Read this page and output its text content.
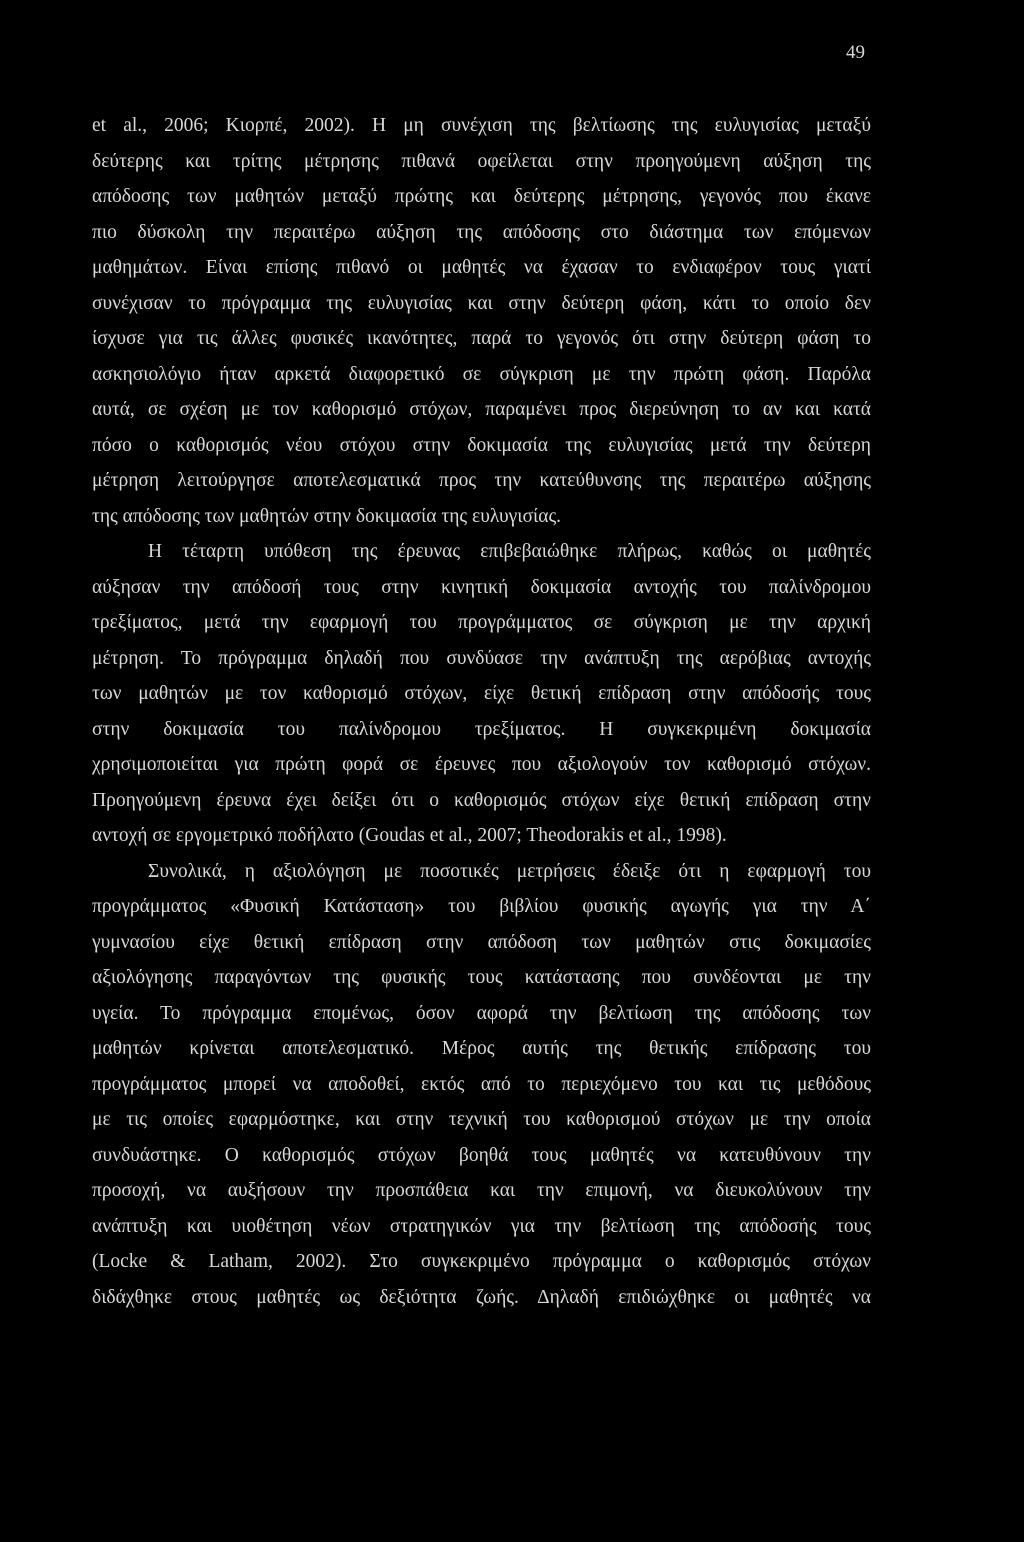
49
et al., 2006; Κιορπέ, 2002). Η μη συνέχιση της βελτίωσης της ευλυγισίας μεταξύ
δεύτερης και τρίτης μέτρησης πιθανά οφείλεται στην προηγούμενη αύξηση της
απόδοσης των μαθητών μεταξύ πρώτης και δεύτερης μέτρησης, γεγονός που έκανε
πιο δύσκολη την περαιτέρω αύξηση της απόδοσης στο διάστημα των επόμενων
μαθημάτων. Είναι επίσης πιθανό οι μαθητές να έχασαν το ενδιαφέρον τους γιατί
συνέχισαν το πρόγραμμα της ευλυγισίας και στην δεύτερη φάση, κάτι το οποίο δεν
ίσχυσε για τις άλλες φυσικές ικανότητες, παρά το γεγονός ότι στην δεύτερη φάση το
ασκησιολόγιο ήταν αρκετά διαφορετικό σε σύγκριση με την πρώτη φάση. Παρόλα
αυτά, σε σχέση με τον καθορισμό στόχων, παραμένει προς διερεύνηση το αν και κατά
πόσο ο καθορισμός νέου στόχου στην δοκιμασία της ευλυγισίας μετά την δεύτερη
μέτρηση λειτούργησε αποτελεσματικά προς την κατεύθυνσης της περαιτέρω αύξησης
της απόδοσης των μαθητών στην δοκιμασία της ευλυγισίας.
Η τέταρτη υπόθεση της έρευνας επιβεβαιώθηκε πλήρως, καθώς οι μαθητές
αύξησαν την απόδοσή τους στην κινητική δοκιμασία αντοχής του παλίνδρομου
τρεξίματος, μετά την εφαρμογή του προγράμματος σε σύγκριση με την αρχική
μέτρηση. Το πρόγραμμα δηλαδή που συνδύασε την ανάπτυξη της αερόβιας αντοχής
των μαθητών με τον καθορισμό στόχων, είχε θετική επίδραση στην απόδοσής τους
στην δοκιμασία του παλίνδρομου τρεξίματος. Η συγκεκριμένη δοκιμασία
χρησιμοποιείται για πρώτη φορά σε έρευνες που αξιολογούν τον καθορισμό στόχων.
Προηγούμενη έρευνα έχει δείξει ότι ο καθορισμός στόχων είχε θετική επίδραση στην
αντοχή σε εργομετρικό ποδήλατο (Goudas et al., 2007; Theodorakis et al., 1998).
Συνολικά, η αξιολόγηση με ποσοτικές μετρήσεις έδειξε ότι η εφαρμογή του
προγράμματος «Φυσική Κατάσταση» του βιβλίου φυσικής αγωγής για την Α΄
γυμνασίου είχε θετική επίδραση στην απόδοση των μαθητών στις δοκιμασίες
αξιολόγησης παραγόντων της φυσικής τους κατάστασης που συνδέονται με την
υγεία. Το πρόγραμμα επομένως, όσον αφορά την βελτίωση της απόδοσης των
μαθητών κρίνεται αποτελεσματικό. Μέρος αυτής της θετικής επίδρασης του
προγράμματος μπορεί να αποδοθεί, εκτός από το περιεχόμενο του και τις μεθόδους
με τις οποίες εφαρμόστηκε, και στην τεχνική του καθορισμού στόχων με την οποία
συνδυάστηκε. Ο καθορισμός στόχων βοηθά τους μαθητές να κατευθύνουν την
προσοχή, να αυξήσουν την προσπάθεια και την επιμονή, να διευκολύνουν την
ανάπτυξη και υιοθέτηση νέων στρατηγικών για την βελτίωση της απόδοσής τους
(Locke & Latham, 2002). Στο συγκεκριμένο πρόγραμμα ο καθορισμός στόχων
διδάχθηκε στους μαθητές ως δεξιότητα ζωής. Δηλαδή επιδιώχθηκε οι μαθητές να
